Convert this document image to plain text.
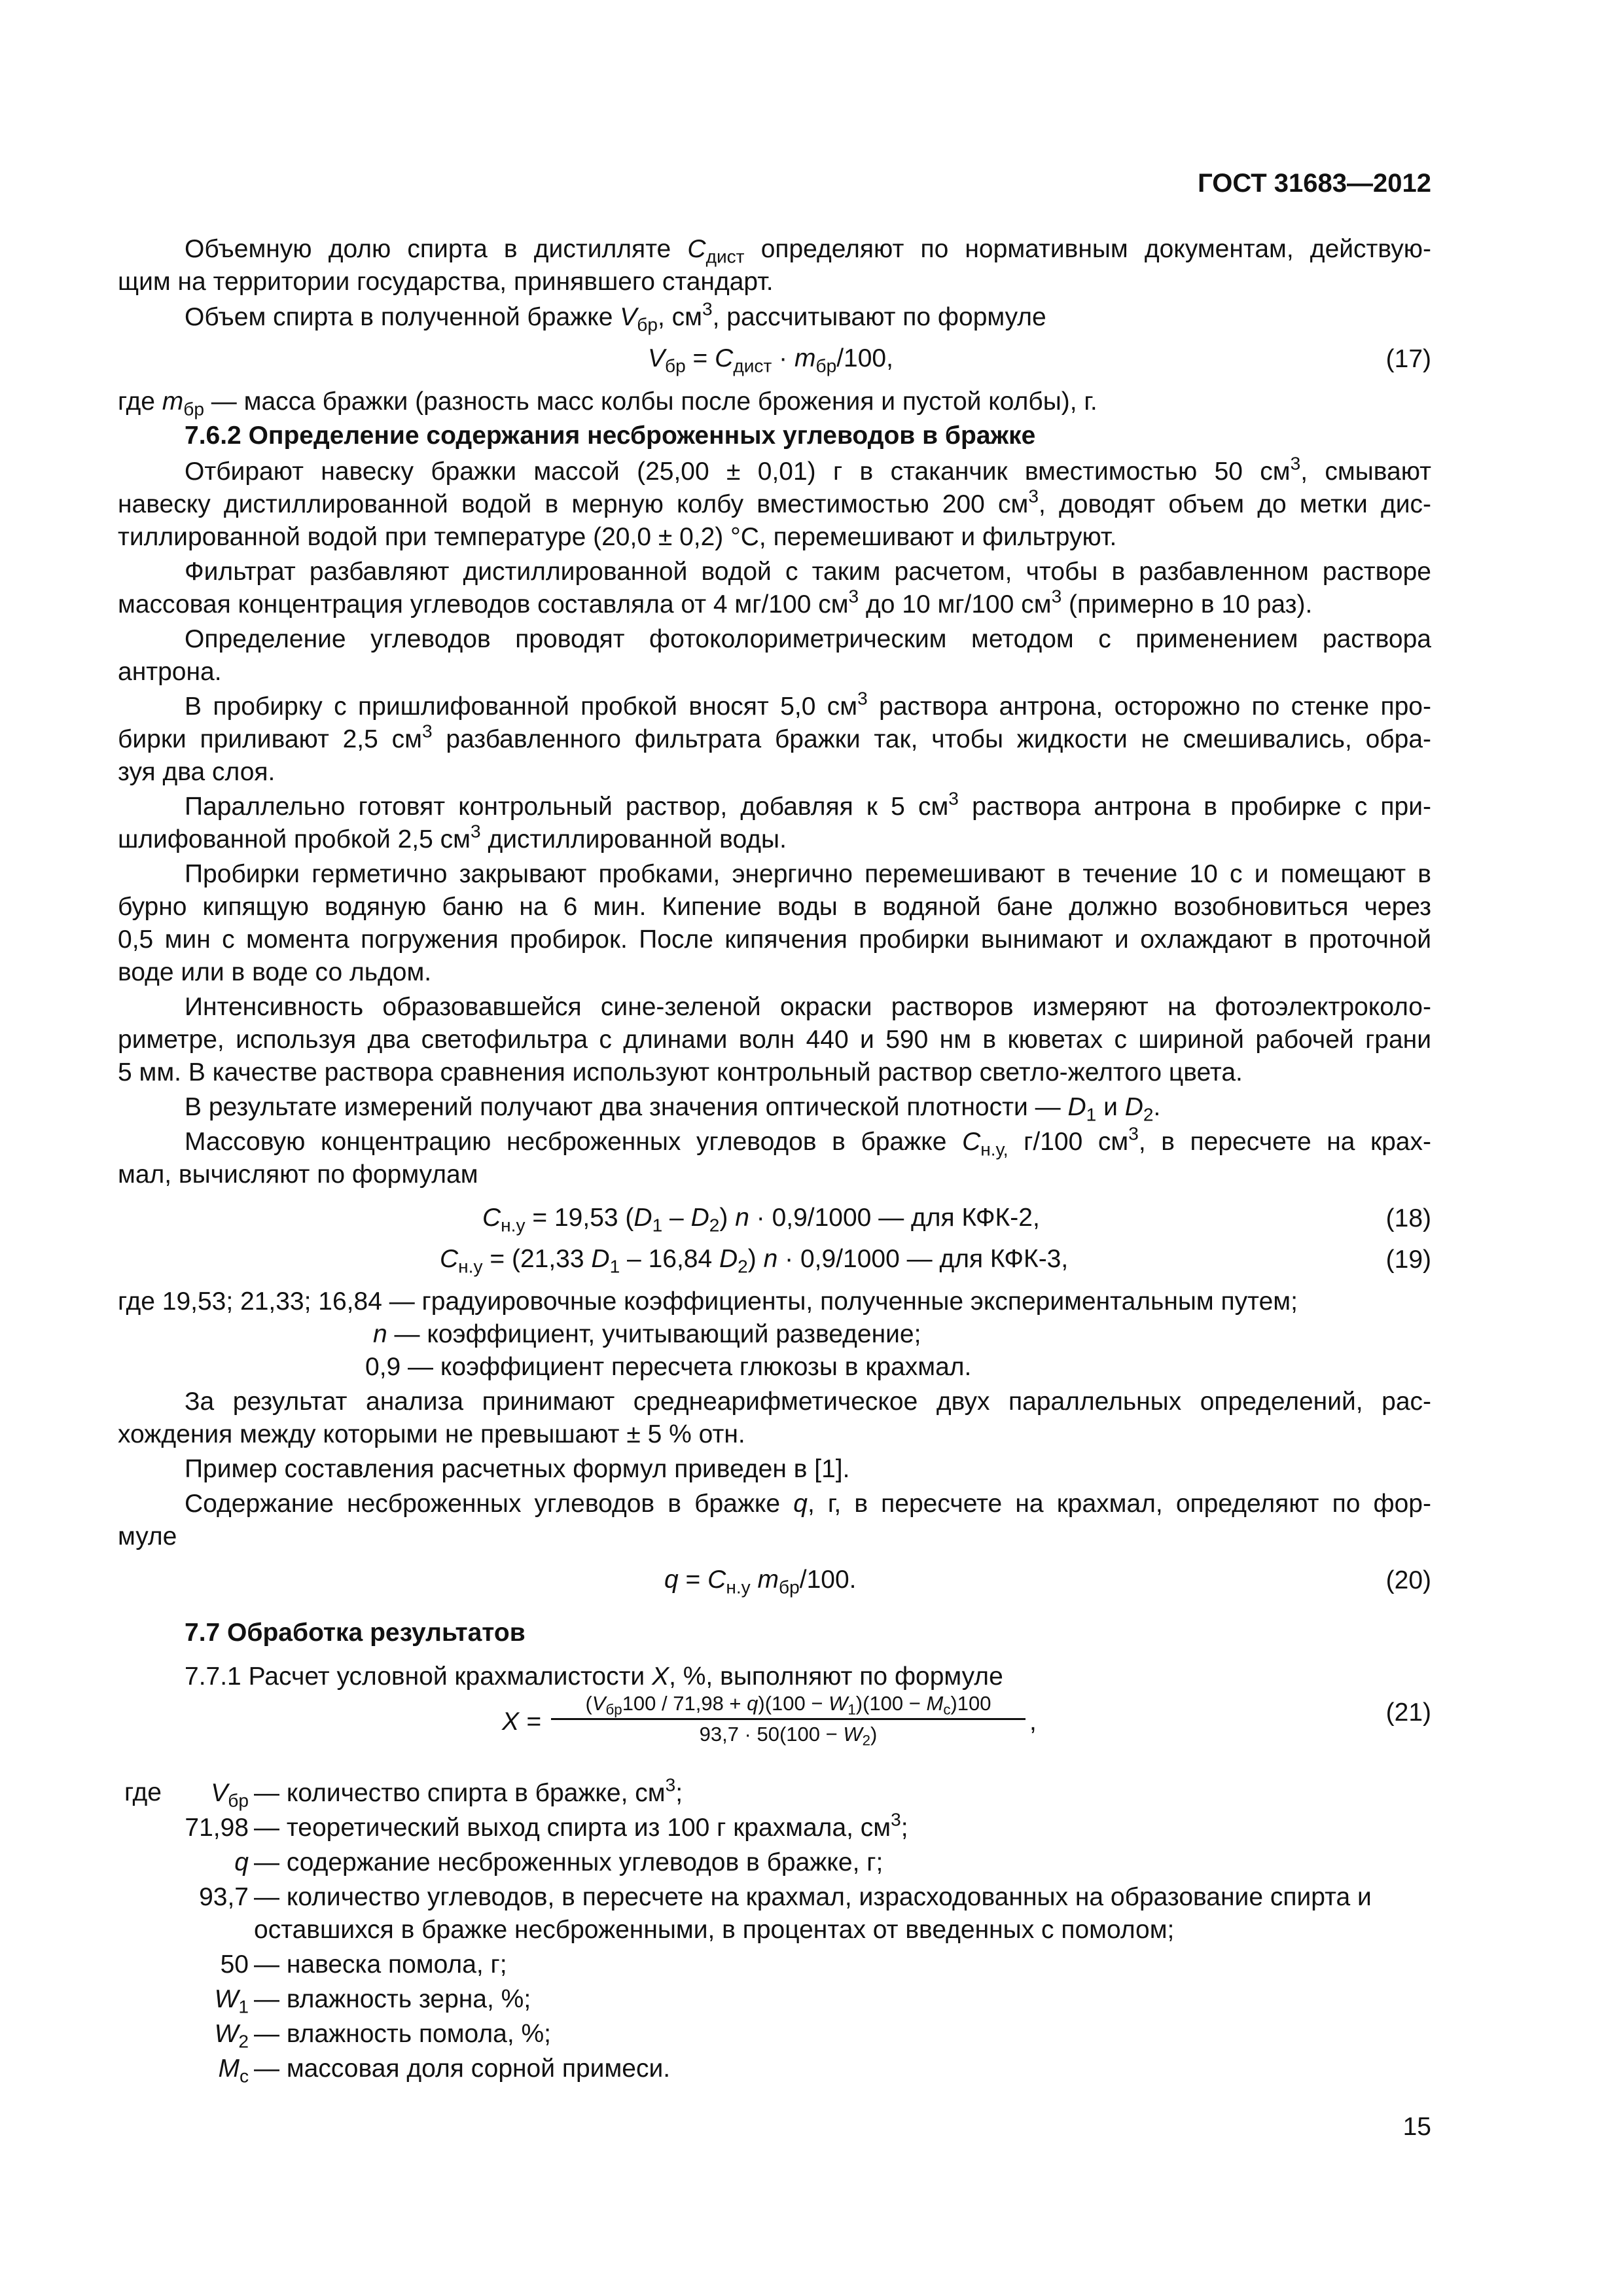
ГОСТ 31683—2012
Объемную долю спирта в дистилляте $C_{дист}$ определяют по нормативным документам, действую-
щим на территории государства, принявшего стандарт.
Объем спирта в полученной бражке $V_{бр}$, $см^3$, рассчитывают по формуле
$V_{бр} = C_{дист} \cdot m_{бр}/100$,	(17)
где $m_{бр}$ — масса бражки (разность масс колбы после брожения и пустой колбы), г.
7.6.2 Определение содержания несброженных углеводов в бражке
Отбирают навеску бражки массой (25,00 ± 0,01) г в стаканчик вместимостью 50 $см^3$, смывают
навеску дистиллированной водой в мерную колбу вместимостью 200 $см^3$, доводят объем до метки дис-
тиллированной водой при температуре (20,0 ± 0,2) °С, перемешивают и фильтруют.
Фильтрат разбавляют дистиллированной водой с таким расчетом, чтобы в разбавленном растворе
массовая концентрация углеводов составляла от 4 мг/100 $см^3$ до 10 мг/100 $см^3$ (примерно в 10 раз).
Определение углеводов проводят фотоколориметрическим методом с применением раствора
антрона.
В пробирку с пришлифованной пробкой вносят 5,0 $см^3$ раствора антрона, осторожно по стенке про-
бирки приливают 2,5 $см^3$ разбавленного фильтрата бражки так, чтобы жидкости не смешивались, обра-
зуя два слоя.
Параллельно готовят контрольный раствор, добавляя к 5 $см^3$ раствора антрона в пробирке с при-
шлифованной пробкой 2,5 $см^3$ дистиллированной воды.
Пробирки герметично закрывают пробками, энергично перемешивают в течение 10 с и помещают в
бурно кипящую водяную баню на 6 мин. Кипение воды в водяной бане должно возобновиться через
0,5 мин с момента погружения пробирок. После кипячения пробирки вынимают и охлаждают в проточной
воде или в воде со льдом.
Интенсивность образовавшейся сине-зеленой окраски растворов измеряют на фотоэлектроколо-
риметре, используя два светофильтра с длинами волн 440 и 590 нм в кюветах с шириной рабочей грани
5 мм. В качестве раствора сравнения используют контрольный раствор светло-желтого цвета.
В результате измерений получают два значения оптической плотности — $D_1$ и $D_2$.
Массовую концентрацию несброженных углеводов в бражке $C_{н.у,}$ г/100 $см^3$, в пересчете на крах-
мал, вычисляют по формулам
$C_{н.у} = 19,53$ $(D_1 - D_2) n \cdot 0,9/1000$ — для КФК-2,	(18)
$C_{н.у} = (21,33$ $D_1 - 16,84$ $D_2$) n · 0,9/1000 — для КФК-3,	(19)
где 19,53; 21,33; 16,84 — градуировочные коэффициенты, полученные экспериментальным путем;
n — коэффициент, учитывающий разведение;
0,9 — коэффициент пересчета глюкозы в крахмал.
За результат анализа принимают среднеарифметическое двух параллельных определений, рас-
хождения между которыми не превышают ± 5 % отн.
Пример составления расчетных формул приведен в [1].
Содержание несброженных углеводов в бражке q, г, в пересчете на крахмал, определяют по фор-
муле
$q = C_{н.у}$ $m_{бр}/100$.	(20)
7.7 Обработка результатов
7.7.1 Расчет условной крахмалистости X, %, выполняют по формуле
X =
$(V_{бр}100 / 71,98 + q)(100 - W_1)(100 - M_с)100$
$93,7 \cdot 50(100 - W_2)$	,	(21)
где $V_{бр}$ — количество спирта в бражке, $см^3$;
71,98 — теоретический выход спирта из 100 г крахмала, $см^3$;
q — содержание несброженных углеводов в бражке, г;
93,7 — количество углеводов, в пересчете на крахмал, израсходованных на образование спирта и
оставшихся в бражке несброженными, в процентах от введенных с помолом;
50 — навеска помола, г;
$W_1$ — влажность зерна, %;
$W_2$ — влажность помола, %;
$M_с$ — массовая доля сорной примеси.
15
